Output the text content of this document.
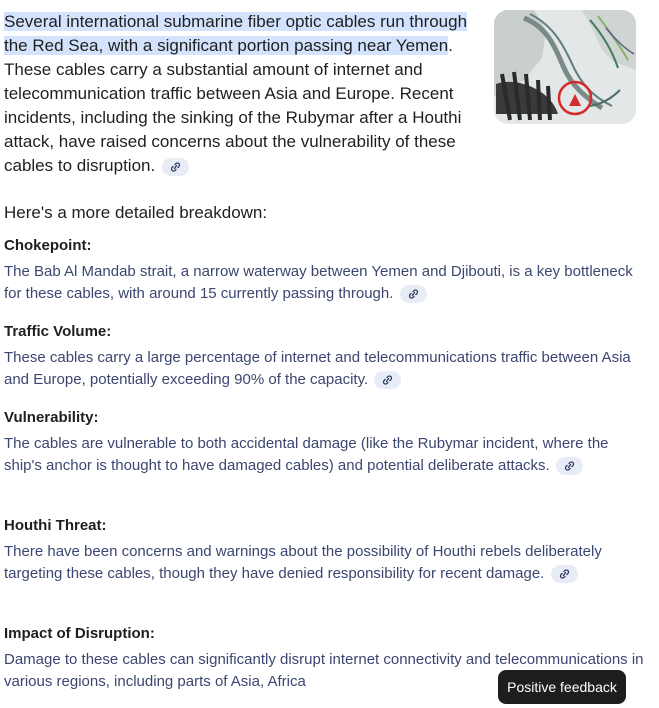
Several international submarine fiber optic cables run through the Red Sea, with a significant portion passing near Yemen. These cables carry a substantial amount of internet and telecommunication traffic between Asia and Europe. Recent incidents, including the sinking of the Rubymar after a Houthi attack, have raised concerns about the vulnerability of these cables to disruption.
Here's a more detailed breakdown:
Chokepoint:

The Bab Al Mandab strait, a narrow waterway between Yemen and Djibouti, is a key bottleneck for these cables, with around 15 currently passing through.

Traffic Volume:

These cables carry a large percentage of internet and telecommunications traffic between Asia and Europe, potentially exceeding 90% of the capacity.

Vulnerability:

The cables are vulnerable to both accidental damage (like the Rubymar incident, where the ship's anchor is thought to have damaged cables) and potential deliberate attacks.

Houthi Threat:

There have been concerns and warnings about the possibility of Houthi rebels deliberately targeting these cables, though they have denied responsibility for recent damage.

Impact of Disruption:

Damage to these cables can significantly disrupt internet connectivity and telecommunications in various regions, including parts of Asia, Africa	Positive feedback
